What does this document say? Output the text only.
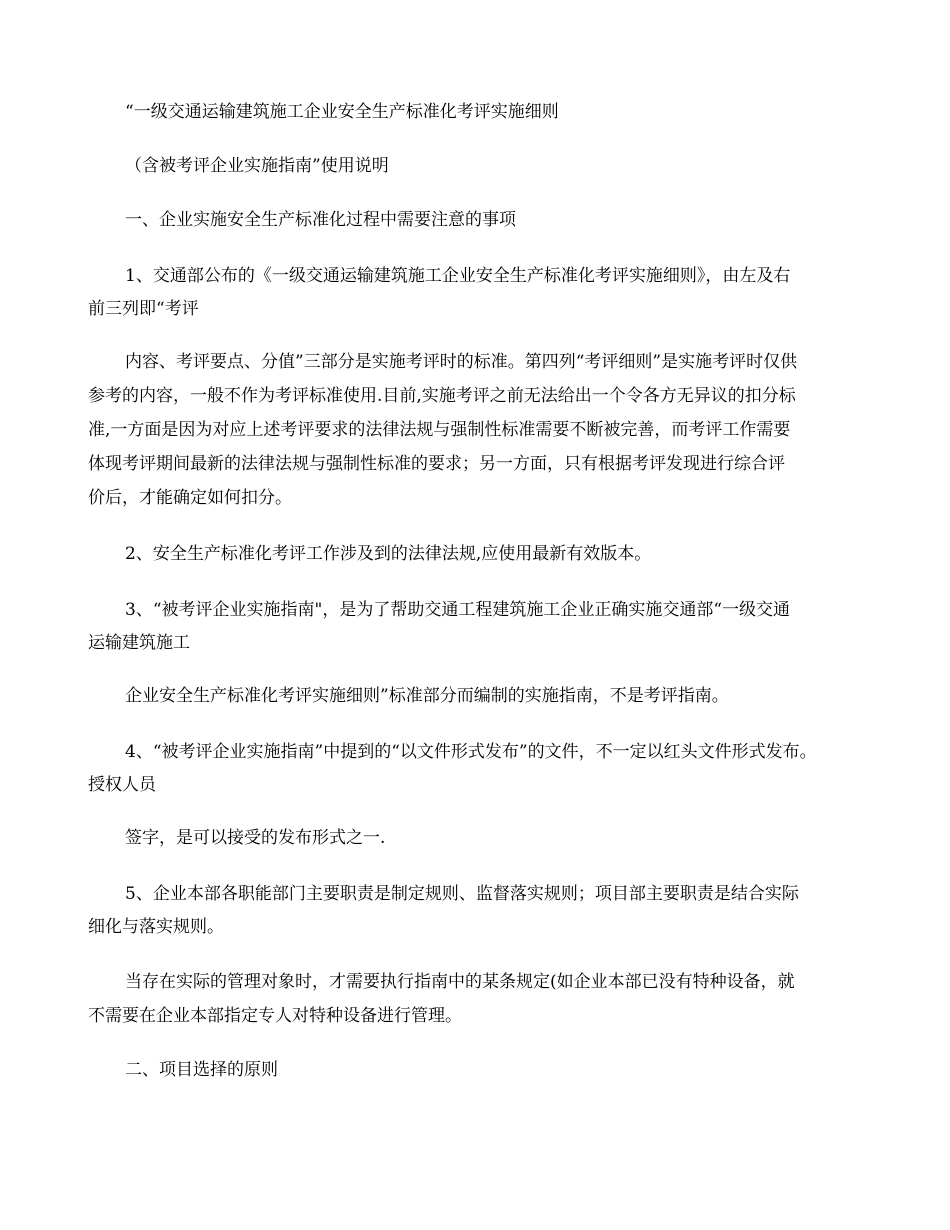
“一级交通运输建筑施工企业安全生产标准化考评实施细则
（含被考评企业实施指南”使用说明
一、企业实施安全生产标准化过程中需要注意的事项
1、交通部公布的《一级交通运输建筑施工企业安全生产标准化考评实施细则》，由左及右
前三列即“考评
内容、考评要点、分值”三部分是实施考评时的标准。第四列“考评细则”是实施考评时仅供
参考的内容，一般不作为考评标准使用.目前,实施考评之前无法给出一个令各方无异议的扣分标
准,一方面是因为对应上述考评要求的法律法规与强制性标准需要不断被完善，而考评工作需要
体现考评期间最新的法律法规与强制性标准的要求；另一方面，只有根据考评发现进行综合评
价后，才能确定如何扣分。
2、安全生产标准化考评工作涉及到的法律法规,应使用最新有效版本。
3、“被考评企业实施指南"，是为了帮助交通工程建筑施工企业正确实施交通部“一级交通
运输建筑施工
企业安全生产标准化考评实施细则”标准部分而编制的实施指南，不是考评指南。
4、“被考评企业实施指南”中提到的“以文件形式发布”的文件，不一定以红头文件形式发布。
授权人员
签字，是可以接受的发布形式之一.
5、企业本部各职能部门主要职责是制定规则、监督落实规则；项目部主要职责是结合实际
细化与落实规则。
当存在实际的管理对象时，才需要执行指南中的某条规定(如企业本部已没有特种设备，就
不需要在企业本部指定专人对特种设备进行管理。
二、项目选择的原则
